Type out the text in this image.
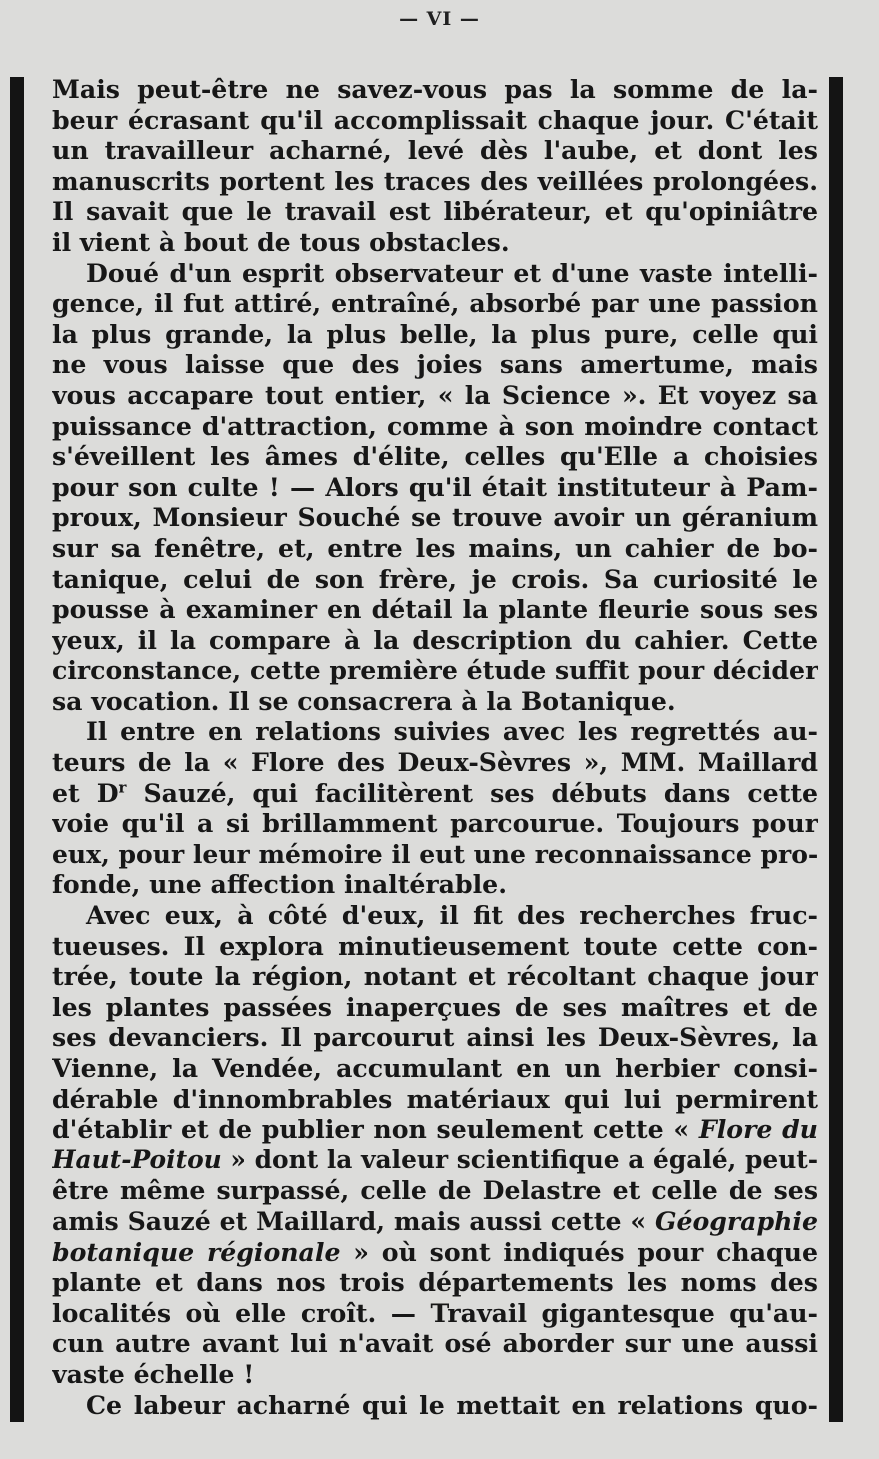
— VI —
Mais peut-être ne savez-vous pas la somme de la-
beur écrasant qu'il accomplissait chaque jour. C'était
un travailleur acharné, levé dès l'aube, et dont les
manuscrits portent les traces des veillées prolongées.
Il savait que le travail est libérateur, et qu'opiniâtre
il vient à bout de tous obstacles.
Doué d'un esprit observateur et d'une vaste intelli-
gence, il fut attiré, entraîné, absorbé par une passion
la plus grande, la plus belle, la plus pure, celle qui
ne vous laisse que des joies sans amertume, mais
vous accapare tout entier, « la Science ». Et voyez sa
puissance d'attraction, comme à son moindre contact
s'éveillent les âmes d'élite, celles qu'Elle a choisies
pour son culte ! — Alors qu'il était instituteur à Pam-
proux, Monsieur Souché se trouve avoir un géranium
sur sa fenêtre, et, entre les mains, un cahier de bo-
tanique, celui de son frère, je crois. Sa curiosité le
pousse à examiner en détail la plante fleurie sous ses
yeux, il la compare à la description du cahier. Cette
circonstance, cette première étude suffit pour décider
sa vocation. Il se consacrera à la Botanique.
Il entre en relations suivies avec les regrettés au-
teurs de la « Flore des Deux-Sèvres », MM. Maillard
et $D^r$ Sauzé, qui facilitèrent ses débuts dans cette
voie qu'il a si brillamment parcourue. Toujours pour
eux, pour leur mémoire il eut une reconnaissance pro-
fonde, une affection inaltérable.
Avec eux, à côté d'eux, il fit des recherches fruc-
tueuses. Il explora minutieusement toute cette con-
trée, toute la région, notant et récoltant chaque jour
les plantes passées inaperçues de ses maîtres et de
ses devanciers. Il parcourut ainsi les Deux-Sèvres, la
Vienne, la Vendée, accumulant en un herbier consi-
dérable d'innombrables matériaux qui lui permirent
d'établir et de publier non seulement cette « Flore du
Haut-Poitou » dont la valeur scientifique a égalé, peut-
être même surpassé, celle de Delastre et celle de ses
amis Sauzé et Maillard, mais aussi cette « Géographie
botanique régionale » où sont indiqués pour chaque
plante et dans nos trois départements les noms des
localités où elle croît. — Travail gigantesque qu'au-
cun autre avant lui n'avait osé aborder sur une aussi
vaste échelle !
Ce labeur acharné qui le mettait en relations quo-
